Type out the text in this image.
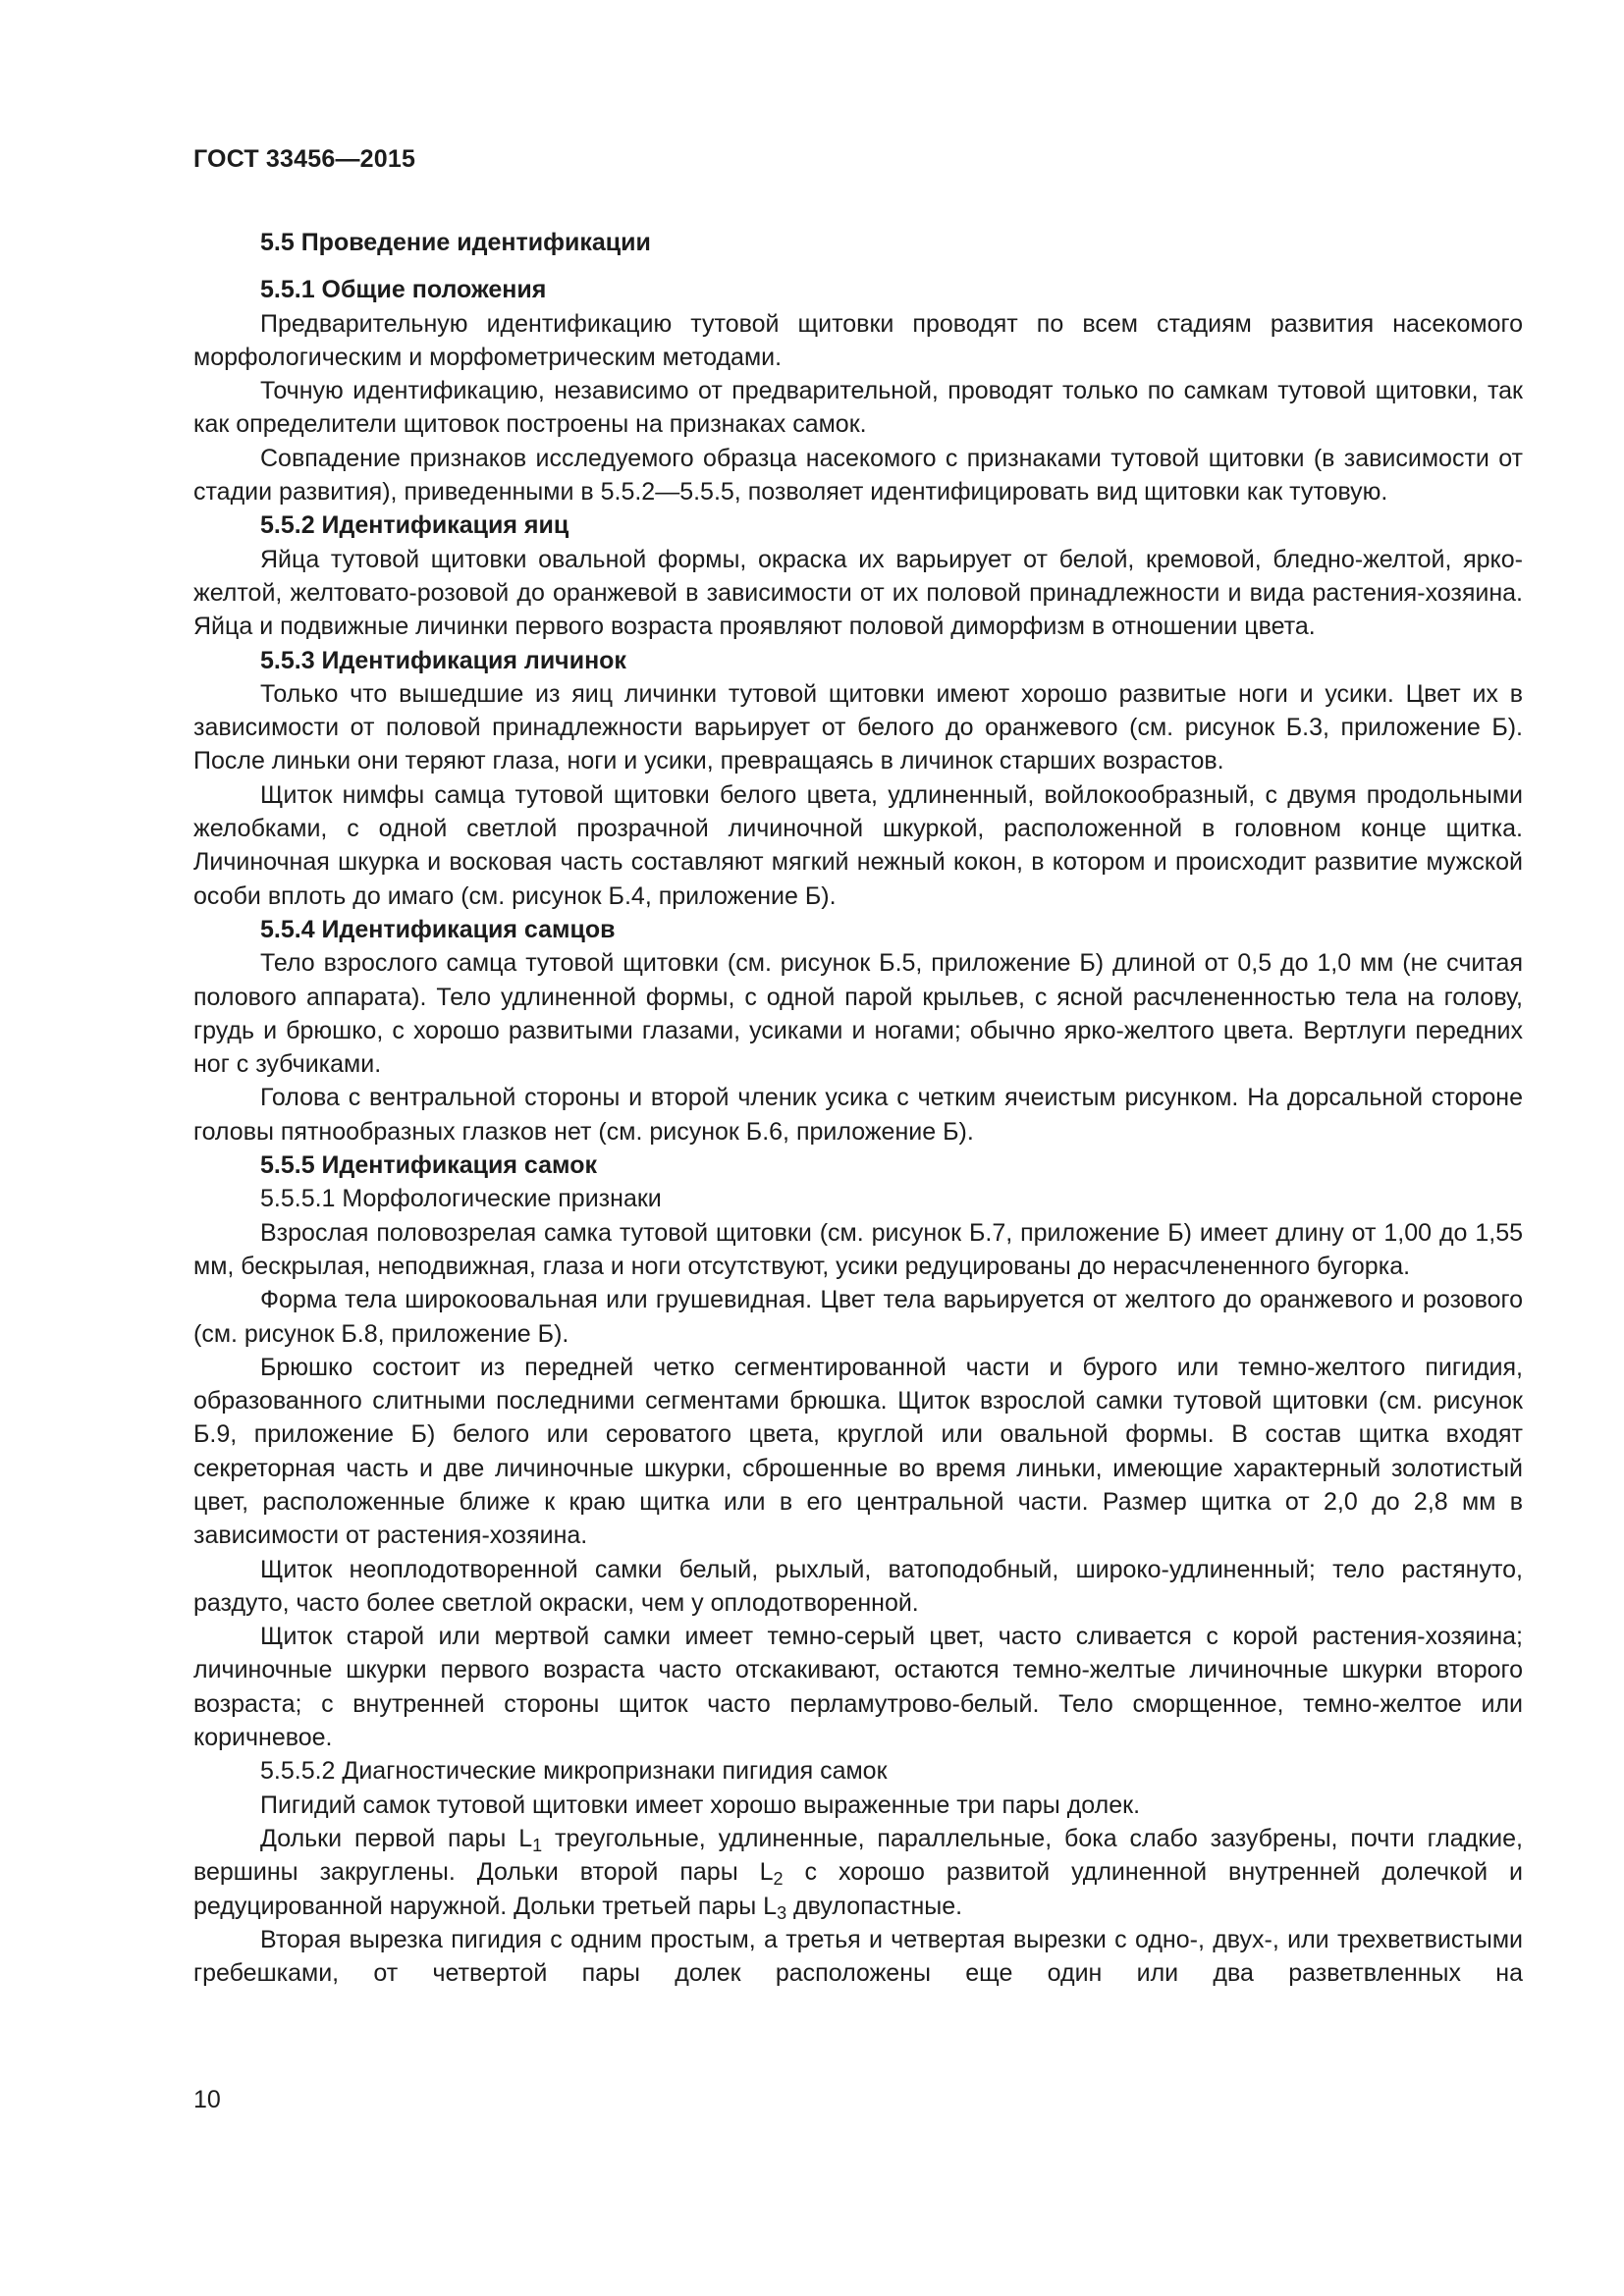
ГОСТ 33456—2015

5.5 Проведение идентификации

5.5.1 Общие положения

Предварительную идентификацию тутовой щитовки проводят по всем стадиям развития насекомого морфологическим и морфометрическим методами.

Точную идентификацию, независимо от предварительной, проводят только по самкам тутовой щитовки, так как определители щитовок построены на признаках самок.

Совпадение признаков исследуемого образца насекомого с признаками тутовой щитовки (в зависимости от стадии развития), приведенными в 5.5.2—5.5.5, позволяет идентифицировать вид щитовки как тутовую.

5.5.2 Идентификация яиц

Яйца тутовой щитовки овальной формы, окраска их варьирует от белой, кремовой, бледно-желтой, ярко-желтой, желтовато-розовой до оранжевой в зависимости от их половой принадлежности и вида растения-хозяина. Яйца и подвижные личинки первого возраста проявляют половой диморфизм в отношении цвета.

5.5.3 Идентификация личинок

Только что вышедшие из яиц личинки тутовой щитовки имеют хорошо развитые ноги и усики. Цвет их в зависимости от половой принадлежности варьирует от белого до оранжевого (см. рисунок Б.3, приложение Б). После линьки они теряют глаза, ноги и усики, превращаясь в личинок старших возрастов.

Щиток нимфы самца тутовой щитовки белого цвета, удлиненный, войлокообразный, с двумя продольными желобками, с одной светлой прозрачной личиночной шкуркой, расположенной в головном конце щитка. Личиночная шкурка и восковая часть составляют мягкий нежный кокон, в котором и происходит развитие мужской особи вплоть до имаго (см. рисунок Б.4, приложение Б).

5.5.4 Идентификация самцов

Тело взрослого самца тутовой щитовки (см. рисунок Б.5, приложение Б) длиной от 0,5 до 1,0 мм (не считая полового аппарата). Тело удлиненной формы, с одной парой крыльев, с ясной расчлененностью тела на голову, грудь и брюшко, с хорошо развитыми глазами, усиками и ногами; обычно ярко-желтого цвета. Вертлуги передних ног с зубчиками.

Голова с вентральной стороны и второй членик усика с четким ячеистым рисунком. На дорсальной стороне головы пятнообразных глазков нет (см. рисунок Б.6, приложение Б).

5.5.5 Идентификация самок

5.5.5.1 Морфологические признаки

Взрослая половозрелая самка тутовой щитовки (см. рисунок Б.7, приложение Б) имеет длину от 1,00 до 1,55 мм, бескрылая, неподвижная, глаза и ноги отсутствуют, усики редуцированы до нерасчлененного бугорка.

Форма тела широкоовальная или грушевидная. Цвет тела варьируется от желтого до оранжевого и розового (см. рисунок Б.8, приложение Б).

Брюшко состоит из передней четко сегментированной части и бурого или темно-желтого пигидия, образованного слитными последними сегментами брюшка. Щиток взрослой самки тутовой щитовки (см. рисунок Б.9, приложение Б) белого или сероватого цвета, круглой или овальной формы. В состав щитка входят секреторная часть и две личиночные шкурки, сброшенные во время линьки, имеющие характерный золотистый цвет, расположенные ближе к краю щитка или в его центральной части. Размер щитка от 2,0 до 2,8 мм в зависимости от растения-хозяина.

Щиток неоплодотворенной самки белый, рыхлый, ватоподобный, широко-удлиненный; тело растянуто, раздуто, часто более светлой окраски, чем у оплодотворенной.

Щиток старой или мертвой самки имеет темно-серый цвет, часто сливается с корой растения-хозяина; личиночные шкурки первого возраста часто отскакивают, остаются темно-желтые личиночные шкурки второго возраста; с внутренней стороны щиток часто перламутрово-белый. Тело сморщенное, темно-желтое или коричневое.

5.5.5.2 Диагностические микропризнаки пигидия самок

Пигидий самок тутовой щитовки имеет хорошо выраженные три пары долек.

Дольки первой пары $L_1$ треугольные, удлиненные, параллельные, бока слабо зазубрены, почти гладкие, вершины закруглены. Дольки второй пары $L_2$ с хорошо развитой удлиненной внутренней долечкой и редуцированной наружной. Дольки третьей пары $L_3$ двулопастные.

Вторая вырезка пигидия с одним простым, а третья и четвертая вырезки с одно-, двух-, или трехветвистыми гребешками, от четвертой пары долек расположены еще один или два разветвленных на

10
